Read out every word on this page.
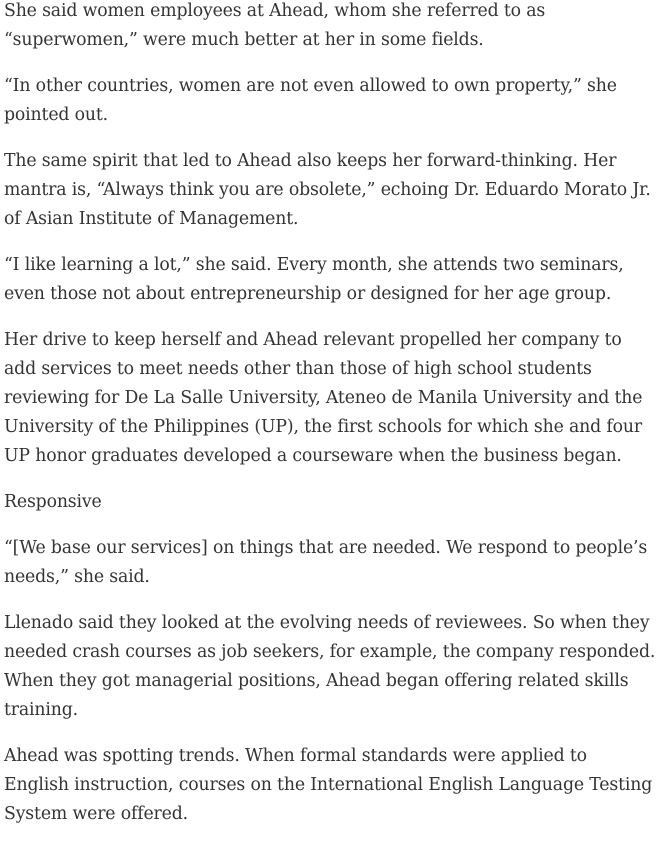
She said women employees at Ahead, whom she referred to as “superwomen,” were much better at her in some fields.

“In other countries, women are not even allowed to own property,” she pointed out.

The same spirit that led to Ahead also keeps her forward-thinking. Her mantra is, “Always think you are obsolete,” echoing Dr. Eduardo Morato Jr. of Asian Institute of Management.

“I like learning a lot,” she said. Every month, she attends two seminars, even those not about entrepreneurship or designed for her age group.

Her drive to keep herself and Ahead relevant propelled her company to add services to meet needs other than those of high school students reviewing for De La Salle University, Ateneo de Manila University and the University of the Philippines (UP), the first schools for which she and four UP honor graduates developed a courseware when the business began.

Responsive

“[We base our services] on things that are needed. We respond to people’s needs,” she said.

Llenado said they looked at the evolving needs of reviewees. So when they needed crash courses as job seekers, for example, the company responded. When they got managerial positions, Ahead began offering related skills training.

Ahead was spotting trends. When formal standards were applied to English instruction, courses on the International English Language Testing System were offered.
